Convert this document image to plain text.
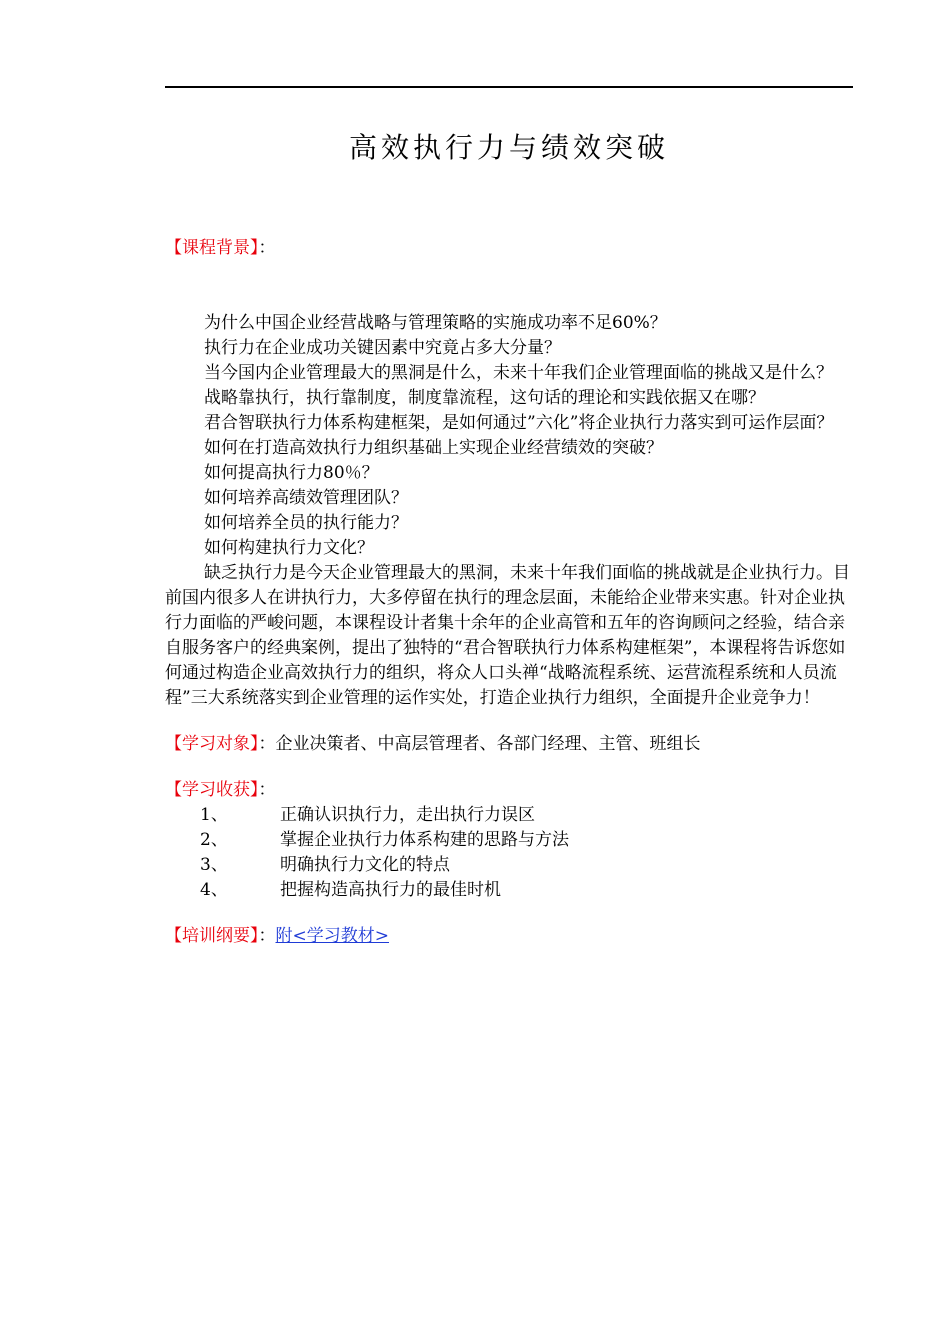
高效执行力与绩效突破

【课程背景】：

为什么中国企业经营战略与管理策略的实施成功率不足60%？

执行力在企业成功关键因素中究竟占多大分量？

当今国内企业管理最大的黑洞是什么，未来十年我们企业管理面临的挑战又是什么？

战略靠执行，执行靠制度，制度靠流程，这句话的理论和实践依据又在哪？

君合智联执行力体系构建框架，是如何通过”六化”将企业执行力落实到可运作层面？

如何在打造高效执行力组织基础上实现企业经营绩效的突破？

如何提高执行力80％？

如何培养高绩效管理团队？

如何培养全员的执行能力？

如何构建执行力文化？

缺乏执行力是今天企业管理最大的黑洞，未来十年我们面临的挑战就是企业执行力。目前国内很多人在讲执行力，大多停留在执行的理念层面，未能给企业带来实惠。针对企业执行力面临的严峻问题，本课程设计者集十余年的企业高管和五年的咨询顾问之经验，结合亲自服务客户的经典案例，提出了独特的“君合智联执行力体系构建框架”，本课程将告诉您如何通过构造企业高效执行力的组织，将众人口头禅“战略流程系统、运营流程系统和人员流程”三大系统落实到企业管理的运作实处，打造企业执行力组织，全面提升企业竞争力！

【学习对象】：企业决策者、中高层管理者、各部门经理、主管、班组长

【学习收获】：

1、	正确认识执行力，走出执行力误区
2、	掌握企业执行力体系构建的思路与方法
3、	明确执行力文化的特点
4、	把握构造高执行力的最佳时机

【培训纲要】：附<学习教材>
